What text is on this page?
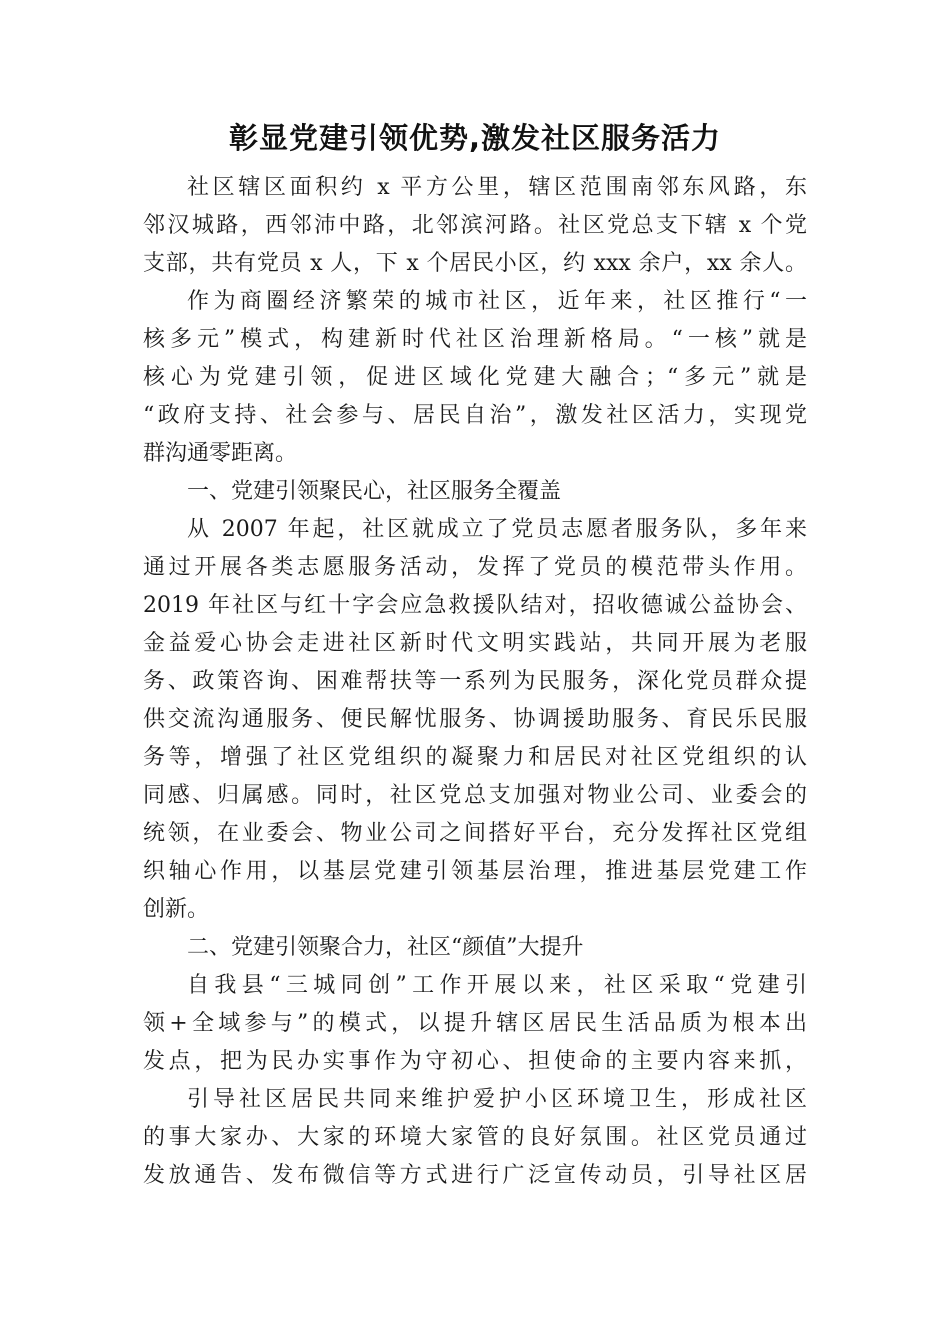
彰显党建引领优势,激发社区服务活力
社区辖区面积约 x 平方公里，辖区范围南邻东风路，东
邻汉城路，西邻沛中路，北邻滨河路。社区党总支下辖 x 个党
支部，共有党员 x 人，下 x 个居民小区，约 xxx 余户，xx 余人。
作为商圈经济繁荣的城市社区，近年来，社区推行“一
核多元”模式，构建新时代社区治理新格局。“一核”就是
核心为党建引领，促进区域化党建大融合；“多元”就是
“政府支持、社会参与、居民自治”，激发社区活力，实现党
群沟通零距离。
一、党建引领聚民心，社区服务全覆盖
从 2007 年起，社区就成立了党员志愿者服务队，多年来
通过开展各类志愿服务活动，发挥了党员的模范带头作用。
2019 年社区与红十字会应急救援队结对，招收德诚公益协会、
金益爱心协会走进社区新时代文明实践站，共同开展为老服
务、政策咨询、困难帮扶等一系列为民服务，深化党员群众提
供交流沟通服务、便民解忧服务、协调援助服务、育民乐民服
务等，增强了社区党组织的凝聚力和居民对社区党组织的认
同感、归属感。同时，社区党总支加强对物业公司、业委会的
统领，在业委会、物业公司之间搭好平台，充分发挥社区党组
织轴心作用，以基层党建引领基层治理，推进基层党建工作
创新。
二、党建引领聚合力，社区“颜值”大提升
自我县“三城同创”工作开展以来，社区采取“党建引
领+全域参与”的模式，以提升辖区居民生活品质为根本出
发点，把为民办实事作为守初心、担使命的主要内容来抓，
引导社区居民共同来维护爱护小区环境卫生，形成社区
的事大家办、大家的环境大家管的良好氛围。社区党员通过
发放通告、发布微信等方式进行广泛宣传动员，引导社区居
